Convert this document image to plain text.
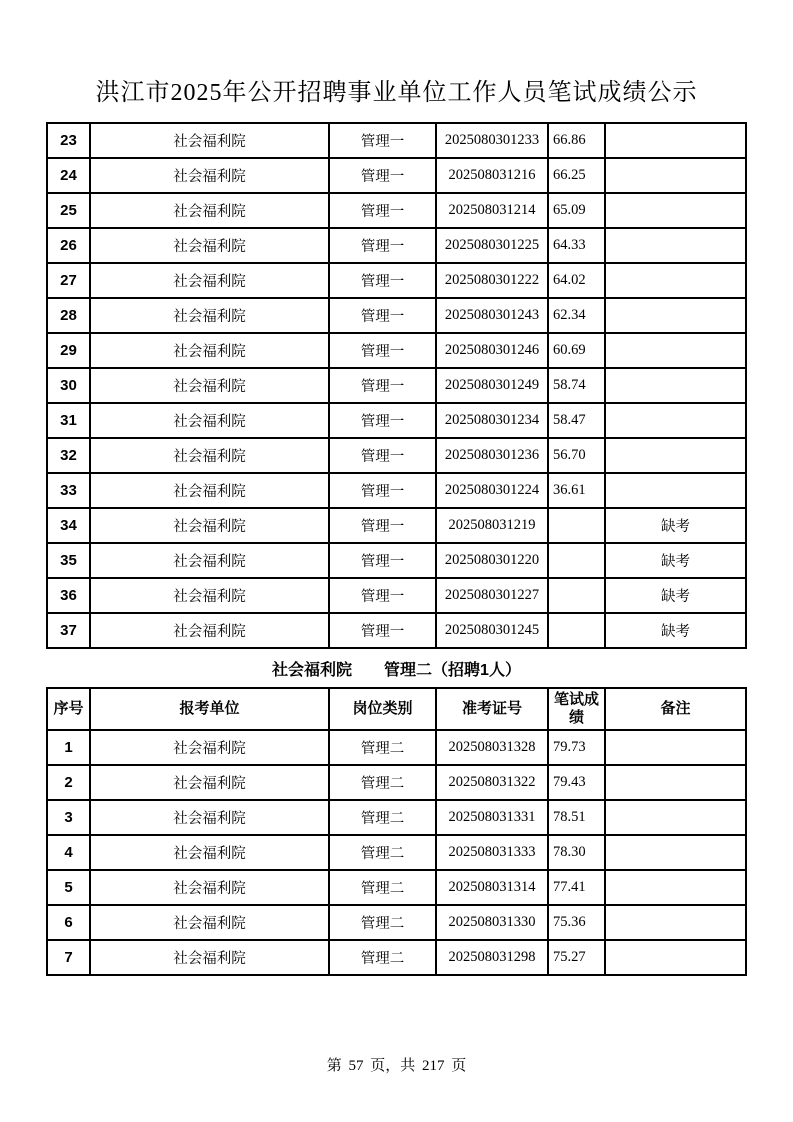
洪江市2025年公开招聘事业单位工作人员笔试成绩公示
23	社会福利院	管理一	2025080301233	66.86	
24	社会福利院	管理一	202508031216	66.25	
25	社会福利院	管理一	202508031214	65.09	
26	社会福利院	管理一	2025080301225	64.33	
27	社会福利院	管理一	2025080301222	64.02	
28	社会福利院	管理一	2025080301243	62.34	
29	社会福利院	管理一	2025080301246	60.69	
30	社会福利院	管理一	2025080301249	58.74	
31	社会福利院	管理一	2025080301234	58.47	
32	社会福利院	管理一	2025080301236	56.70	
33	社会福利院	管理一	2025080301224	36.61	
34	社会福利院	管理一	202508031219		缺考
35	社会福利院	管理一	2025080301220		缺考
36	社会福利院	管理一	2025080301227		缺考
37	社会福利院	管理一	2025080301245		缺考
社会福利院　　管理二（招聘1人）
序号	报考单位	岗位类别	准考证号	笔试成绩	备注
1	社会福利院	管理二	202508031328	79.73	
2	社会福利院	管理二	202508031322	79.43	
3	社会福利院	管理二	202508031331	78.51	
4	社会福利院	管理二	202508031333	78.30	
5	社会福利院	管理二	202508031314	77.41	
6	社会福利院	管理二	202508031330	75.36	
7	社会福利院	管理二	202508031298	75.27	
第 57 页，共 217 页
